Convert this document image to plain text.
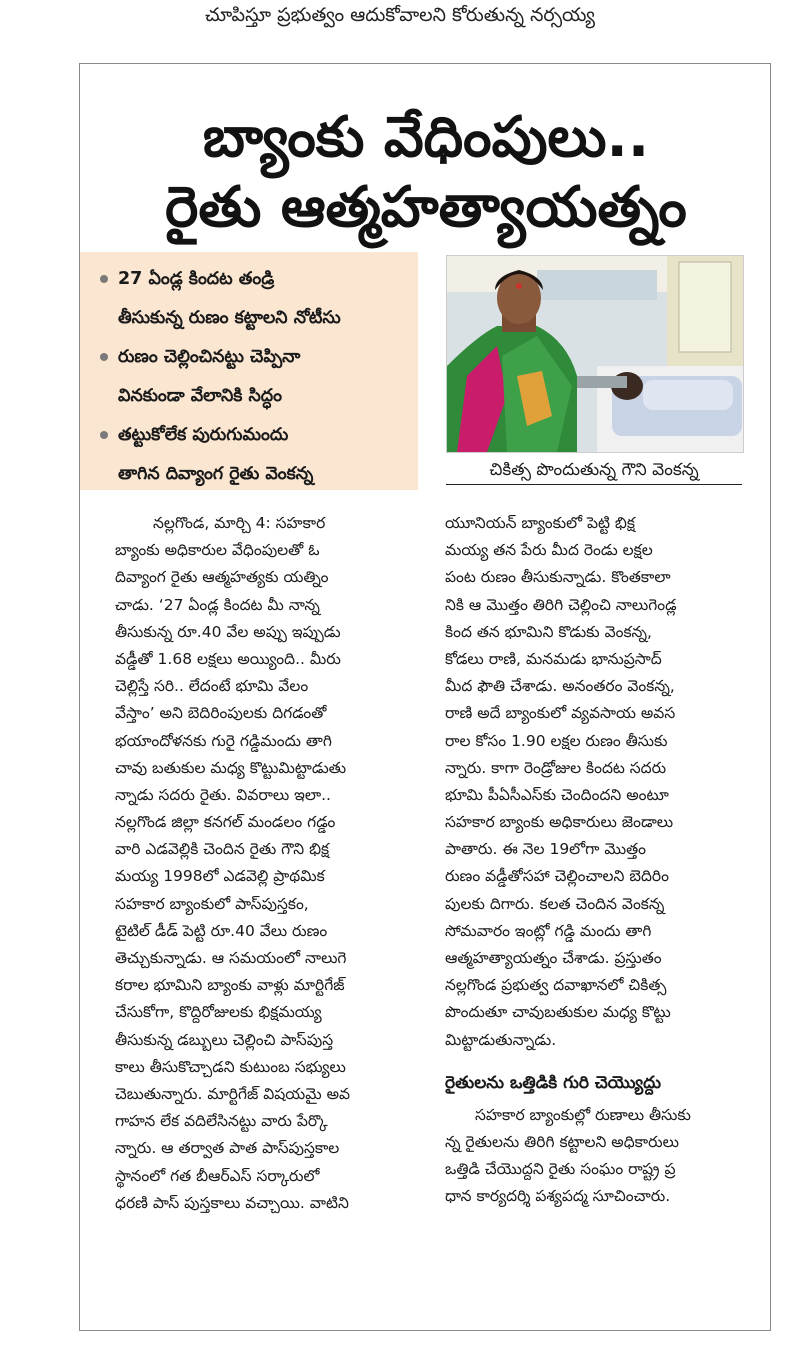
చూపిస్తూ ప్రభుత్వం ఆదుకోవాలని కోరుతున్న నర్సయ్య
బ్యాంకు వేధింపులు..
రైతు ఆత్మహత్యాయత్నం
27 ఏండ్ల కిందట తండ్రి
తీసుకున్న రుణం కట్టాలని నోటీసు
రుణం చెల్లించినట్టు చెప్పినా
వినకుండా వేలానికి సిద్ధం
తట్టుకోలేక పురుగుమందు
తాగిన దివ్యాంగ రైతు వెంకన్న	చికిత్స పొందుతున్న గౌని వెంకన్న
నల్లగొండ, మార్చి 4: సహకార
బ్యాంకు అధికారుల వేధింపులతో ఓ
దివ్యాంగ రైతు ఆత్మహత్యకు యత్నిం
చాడు. ‘27 ఏండ్ల కిందట మీ నాన్న
తీసుకున్న రూ.40 వేల అప్పు ఇప్పుడు
వడ్డీతో 1.68 లక్షలు అయ్యింది.. మీరు
చెల్లిస్తే సరి.. లేదంటే భూమి వేలం
వేస్తాం’ అని బెదిరింపులకు దిగడంతో
భయాందోళనకు గురై గడ్డిమందు తాగి
చావు బతుకుల మధ్య కొట్టుమిట్టాడుతు
న్నాడు సదరు రైతు. వివరాలు ఇలా..
నల్లగొండ జిల్లా కనగల్ మండలం గడ్డం
వారి ఎడవెల్లికి చెందిన రైతు గౌని భిక్ష
మయ్య 1998లో ఎడవెల్లి ప్రాథమిక
సహకార బ్యాంకులో పాస్‌పుస్తకం,
టైటిల్ డీడ్ పెట్టి రూ.40 వేలు రుణం
తెచ్చుకున్నాడు. ఆ సమయంలో నాలుగె
కరాల భూమిని బ్యాంకు వాళ్లు మార్టిగేజ్
చేసుకోగా, కొద్దిరోజులకు భిక్షమయ్య
తీసుకున్న డబ్బులు చెల్లించి పాస్‌పుస్త
కాలు తీసుకొచ్చాడని కుటుంబ సభ్యులు
చెబుతున్నారు. మార్టిగేజ్ విషయమై అవ
గాహన లేక వదిలేసినట్టు వారు పేర్కొ
న్నారు. ఆ తర్వాత పాత పాస్‌పుస్తకాల
స్థానంలో గత బీఆర్‌ఎస్ సర్కారులో
ధరణి పాస్ పుస్తకాలు వచ్చాయి. వాటిని
యూనియన్ బ్యాంకులో పెట్టి భిక్ష
మయ్య తన పేరు మీద రెండు లక్షల
పంట రుణం తీసుకున్నాడు. కొంతకాలా
నికి ఆ మొత్తం తిరిగి చెల్లించి నాలుగెండ్ల
కింద తన భూమిని కొడుకు వెంకన్న,
కోడలు రాణి, మనమడు భానుప్రసాద్
మీద ఫౌతి చేశాడు. అనంతరం వెంకన్న,
రాణి అదే బ్యాంకులో వ్యవసాయ అవస
రాల కోసం 1.90 లక్షల రుణం తీసుకు
న్నారు. కాగా రెండ్రోజుల కిందట సదరు
భూమి పీఏసీఎస్‌కు చెందిందని అంటూ
సహకార బ్యాంకు అధికారులు జెండాలు
పాతారు. ఈ నెల 19లోగా మొత్తం
రుణం వడ్డీతోసహా చెల్లించాలని బెదిరిం
పులకు దిగారు. కలత చెందిన వెంకన్న
సోమవారం ఇంట్లో గడ్డి మందు తాగి
ఆత్మహత్యాయత్నం చేశాడు. ప్రస్తుతం
నల్లగొండ ప్రభుత్వ దవాఖానలో చికిత్స
పొందుతూ చావుబతుకుల మధ్య కొట్టు
మిట్టాడుతున్నాడు.
రైతులను ఒత్తిడికి గురి చెయ్యొద్దు
సహకార బ్యాంకుల్లో రుణాలు తీసుకు
న్న రైతులను తిరిగి కట్టాలని అధికారులు
ఒత్తిడి చేయొద్దని రైతు సంఘం రాష్ట్ర ప్ర
ధాన కార్యదర్శి పశ్యపద్మ సూచించారు.
